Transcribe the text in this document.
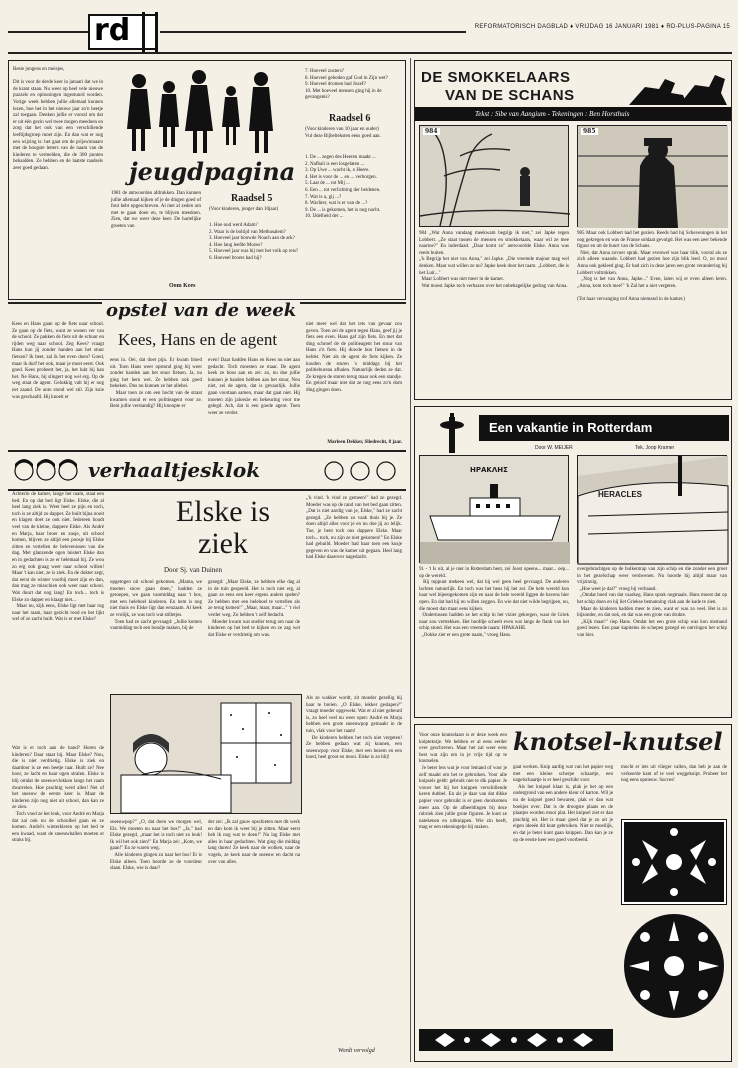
rd	REFORMATORISCH DAGBLAD ♦ VRIJDAG 16 JANUARI 1981 ♦ RD-PLUS-PAGINA 15
Beste jongens en meisjes,

Dit is voor de derde keer in januari dat we in de krant staan. Nu weer op heel vele nieuwe puzzels en oplossingen ingestuurd worden. Vorige week hebben jullie allemaal kunnen lezen, hoe het in het nieuwe jaar zo'n beetje zal toegaan. Denken jullie er vooral om dat er uit één gezin wel twee mogen meedoen en zorg dat het ook van een verschillende leeftijdsgroep moet zijn. En dan wat er nog een wijzing is: het gaat om de prijswinnaars met de hoogste letters van de naam van de kinderen te vermelden, die de 300 punten behaalden. Ze hebben en de laatste raadsels zeer goed gedaan.	jeugdpagina
1981 de antwoorden afdrukken. Dan kunnen jullie allemaal kijken of je de dingen goed of fout hebt opgeschreven. Al met al zeden om met te gaan doen en, te blijven meedoen. Zien, dat we weer deze keer. De hartelijke groeten van
Oom Kees
Raadsel 5
(Voor kinderen, jonger dan 10jaar)
1. Hoe oud werd Adam?
2. Waar is de boltijd van Methusalem?
3. Hoeveel jaar bouwde Noach aan de ark?
4. Hoe lang leefde Mozes?
5. Hoeveel jaar was hij met het volk op reis?
6. Hoeveel broers had hij?
7. Hoeveel zusters?
8. Hoeveel geboden gaf God in Zijn wet?
9. Hoeveel dromen had Jozef?
10. Met hoeveel mensen ging hij in de gevangenis?
Raadsel 6
(Voor kinderen van 10 jaar en ouder)
Vul deze Bijbelteksten eens goed aan.
1. De ... zegen des Heeren maakt ...
2. Nafbali is een losgelaten ...
3. Op Uwe ... wacht ik, o Heere.
4. Het is voor de ... en ... verborgen.
5. Laat de ... tot Mij ...
6. Een ... tot verlichting der heidenen.
7. Wat is u, gij ...?
8. Wachter, wat is er van de ...?
9. De ... is gekomen, het is nog nacht.
10. IJdelheid der ...
opstel van de week
Kees, Hans en de agent
Kees en Hans gaan op de fiets naar school. Ze gaan op de fiets, want ze wonen ver van de school. Ze pakken de fiets uit de schuur en rijden weg naar school. Zeg Kees? vraagt Hans kun jij zonder handen aan het stuur fietsen? Ik beet, zal ik het even doen? Goed, maar ik durf het ook, maar je moet eerst. Ook goed. Kees probeert het, ja, het lukt hij kan het. Ne Hans, hij slingert nog wel erg. Op de weg staat de agent. Gelukkig valt hij er nog net zaand. De auto stond wel stil. Zijn knie was geschaafd. Hij knoeit er
eens in. Oei, dat doet pijn. Er kwam bloed uit. Toen Hans weer opstond ging hij weer zonder handen aan het stuur fietsen. Ja, nu ging het hem wel. Ze hebben ook goed bekeken. Dus nu kunnen ze het allebei.
Maar toen ze om een bocht van de straat kwamen stond er een politieagent voor ze. Bent jullie verstandig? Hij knoopte er
even! Daar hadden Hans en Kees nu niet aan gedacht. Toch moesten ze maar. De agent keek ze boos aan en zei: zo, nu doe jullie kunnen je handen hebben aan het stuur, Nou niet, zei de agent, dat is gevaarlijk. Jullie gaan voortaan samen, maar dat gaat niet. Hij moeten zijn jaloezie en bekeuring voor me gelegd. Ach, dat is een goede agent. Toen weer ze verder.
niet meer wel dat het iets van gevaar zou geven. Toen zei de agent tegen Hans, geef jij je fiets een even. Hans gaf zijn fiets. En met dat ding schroef de de politieagent het stuur van Hans z'n fiets. Hij duwde hun fietsen in de kelder. Niet als de agent de fiets kijken. Ze kouden de sturen 's middags bij het politiebureau afhalen. Natuurlijk deden ze dat. Ze kregen de sturen terug maar ook een standje. En geloof maar niet dat ze nog eens zo'n dom ding gingen doen.
Marleen Dekker, Sliedrecht, 8 jaar.
verhaaltjesklok
Achterin de kamer, lange het raam, staat een bed. En op dat bed ligt Elske. Elske, die al heel lang ziek is. Weet heel ze pijn en toch, toch is ze altijd zo dapper. Ze huilt bijna nooit en klagen doet ze ook niet. Iedereen houdt veel van de kleine, dappere Elske. Als André en Marja, haar broer en zusje, uit school komen, blijven ze altijd een poosje bij Elske zitten en vertellen de belevenissen van die dag. Met glanzende ogen luistert Elske dan en in gedachten is ze er helemaal bij. Ze wou zo erg ook graag weer naar school willen! Maar 't kan niet, ze is ziek. En de dokter zegt, dat eerst de winter voorbij moet zijn en dan, dan mag ze misschien ook weer naar school. Wat duurt dat nog lang! En toch... toch is Elske zo dapper en klaagt niet...
Maar nu, kijk eens, Elske ligt met haar rug naar het raam, haar gezicht rood en het lijkt wel of ze zacht huilt. Wat is er met Elske?
Elske is
ziek
Door Sj. van Duinen
opgetogen uit school gekomen. „Mama, we moeten snow gaan doen," hadden ze geroepen, we gaan vanmiddag naar 't bos, met een heleboel kinderen. En hem is nog niet thuis en Elske ligt dan eenzaam. Al keek ze vrolijk, ze was toch wat stilletjes.
Toen had ze zacht gevraagd: „Jullie komen vanmiddag toch een bondje maken, bij de
gezegd: „Maar Elske, ze hebben elke dag al in de tuin gespeeld. Het is toch niet erg, al gaan ze eens een keer ergens anders spelen? Ze hebben met een heleboel te vertellen als ze terug komen!" „Maar, maar, maar..." 't viel verder weg. Zo hebben 't zelf bedacht.
Moeder kwam wat sneller terug om naar de kinderen op het bed te kijken en ze zag wel dat Elske er verdrietig om was.
„'k vind. 'k vind ze gemeen!" had ze gezegd. Moeder was op de rand van het bed gaan zitten. „Dat is niet aardig van je, Elske," had ze zacht gezegd. „Ze hebben zo vaak thuis bij je. Ze doen altijd alles voor je en nu doe jij zo lelijk. Toe, je bent toch ons dappere Elske. Maar toch... toch, nu zijn ze niet gekomen!" En Elske had gehuild. Moeder had haar toen een kusje gegeven en was de kamer uit gegaan. Heel lang had Elske daarover nagedacht.
Wat is er toch aan de hand? Horen de kinderen? Daar staat hij. Maar Elske? Nou, die is niet verdrietig. Elske is ziek en daardoor is ze een beetje raar. Huilt ze? Nee hoor, ze lacht en haar ogen stralen. Elske is blij omdat de sneeuwvlokken langs het raam dwarrelen. Hoe prachtig werd alles! Net of het sneeuw de eerste keer is. Maar de kinderen zijn nog niet uit school, dan kan ze ze zien.
Toch voed ze het leuk, voor André en Marja dat zal ook nu de schoolbel gaan en ze komen. André's winterkleren op het bed te een kwaad, want de sneeuwballen moeten er straks bij.
sneeuwpop?" „O, dat doen we morgen wel, Els. We moeten nu naar het bos!" „Ja," had Elske gezegd, „maar het is toch niet zo leuk! Ik wil het ook zien!" En Marja zei: „Kom, we gaan!" En ze waren weg.
Alle kinderen gingen zo naar het bos! Er is Elske alleen. Toen hoorde ze de voordeur slaan. Elske, wie is daar?
der zei: „Ik zal gauw opschieten met dit werk en dan kom ik weer bij je zitten. Maar eerst heb ik nog wat te doen!" Nu lag Elske met alles in haar gedachten. Wat ging die middag lang duren! Ze keek naar de wolken, naar de vogels, ze keek naar de sneeuw en dacht na over van alles.
Als ze wakker wordt, zit moeder gezellig bij haar te breien. „O Elske, lekker geslapen?" vraagt moeder opgewekt. Wat er al niet gebeurd is, zo heel veel nu weer open: André en Marja hebben een grote sneeuwpop gemaakt in de tuin, vlak voor het raam!
De kinderen hebben het toch niet vergeten! Ze hebben gedaan wat zij kunnen, een sneeuwpop voor Elske, met een bezem en een hoed, heel groot en mooi. Elske is zo blij!
Wordt vervolgd
DE SMOKKELAARS
VAN DE SCHANS
Tekst : Sibe van Aangium - Tekeningen : Ben Horsthuis
984	985
984 „Wat Anna vandaag meekwam begrijp ik niet," zei Japke tegen Lobbert. „Ze staat tussen de mensen en smokkelaars, waar wil ze mee naartoe?" En inderdaad. „Daar komt zo" antwoordde Elske. Anna was reeds buiten.
„'k Begrijp het niet van Anna," zei Japke. „Die vreemde majoor mag wel denken. Maar wat willen ze nu? Japke keek door het raam. „Lobbert, die is het Luit..."
Maar Lobbert was niet meer in de kamer.
Wat moest Japke toch verbazen over het onbehagelijke gedrag van Anna.
985 Maar ook Lobbert had het gezien. Reeds had hij Scheveningen in het oog gekregen en was de Franse soldaat gevolgd. Het was een zeer bekende figuur en uit de buurt van de Schans.
Niet, dat Anna zovoer sprak. Maar evenwel was haar blik, vooral als ze zich alleen waande. Lobbert had gezien hoe zijn blik leed. O, zo mooi Anna ook gekleed ging. Er had zich in deze jaren een grote verandering bij Lobbert voltrokken.
„Nog is het van Anna, Japke..." Even, laten wij er even alleen leren. „Anna, kom toch mee!" 'k Zal het u niet vergeten.

(Tot haar vervanging trof Anna niemand in de kamer.)
Een vakantie in Rotterdam
Door W. MEIJER	Tek. Joop Kramer
ΗΡΑΚΛΗΣ
HERACLES
9l. - 't Is uit, al je niet in Rotterdam bent, zei Joost opeens... maar... oep... op de wereld.
Bij toppunt mekeen wel, dat hij wel geen heel gevraagd. De anderen lachten natuurlijk. En toch was het heus hij het zei. De hele wereld kun haar wel bijeengekomen zijn en naar de hele wereld liggen de havens hier open. En dat had hij nu willen zeggen. En wie dat niet wilde begrijpen, nu, die moest dan maar eens kijken.
Ondertussen hadden ze het schip in het vizier gekregen, waar de Griek naar zou vertrekken. Het hoofdje scheelt even wat langs de flank van het schip stond. Het was een vreemde naam: HPAKAHE.
„Ookke ziet er een grote naam," vroeg Hans.
overgebrachtgen op de bulkentrap van zijn schip en die zonder een groet in het gezelschap weer verdwenen. Nu hoorde hij altijd maar van vrijzinnig.
„Hoe weet je dat?" vroeg hij verbaasd.
„Omdat hoed van dat vaarkeg. Hans sprak nogmaals. Hans moest dat op het schip doen en hij liet Griekse bemanning vlak aan de kade te zien.
Maar de kinderen hadden meer te zien, want er was zo veel. Het is zo bijzonder, en dat ook, en dat was een grote van drukte.
„Kijk maar!" riep Hans. Omdat het een grote schip was kon niemand goed lezen. Een paar kapiteins de schepen gezegd en ontvingen het schip van hier.
Voor onze knutselaars is er deze week een kniptekstje. We hebben er al eens eerder over geschreven. Maar het zal weer eens best wat zijn om in je vrije tijd op te knutselen.
Je beter lets wat je voor lemand of voor je zelf maakt om het te gebruiken. Voor alle knipsels geldt: gebruik niet te dik papier. Je vouwt het bij het knippen verschillende keren dubbel. En als je daar van dat dikke papier voor gebruikt is er geen doorkomen meer aan. Op de afbeeldingen bij deze rubriek zien jullie grote figuren. Je kunt ze natekenen en uitknippen. Wie zin heeft, mag er een tekeningetje bij maken.
knotsel-knutsel
gaat werken. Knip aardig wat van het papier weg met een kleine scherpe schaartje, een nagelschaartje is er heel geschikt voor.
Als het knipsel klaar is, plak je het op een ondergrond van een andere kleur of karton. Wil je nu de knipsel goed bewaren, plak er dan wat boekjes over. Dat is de droogste plaats en de plaatjes worden mooi plat. Het knipsel ziet er dan prachtig uit. Het is maar goed dat je zo uit je eigen ideeën dit kunt gebruiken. Niet te moeilijk, en dat je beter kunt gaan knippen. Dan kan je ze op de eerste keer een goed voorbeeld.
mocht er iets uit vlieger vallen, dan heb je aan de verkeerde kant of te veel weggeknipt. Probeer het nog eens opnieuw. Succes!
